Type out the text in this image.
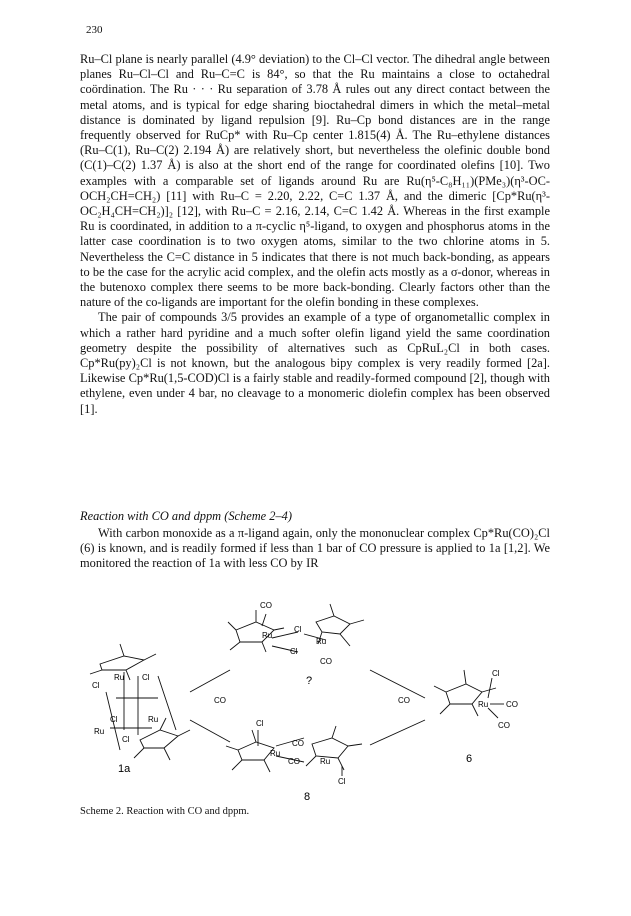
230

Ru–Cl plane is nearly parallel (4.9° deviation) to the Cl–Cl vector. The dihedral angle between planes Ru–Cl–Cl and Ru–C=C is 84°, so that the Ru maintains a close to octahedral coördination. The Ru · · · Ru separation of 3.78 Å rules out any direct contact between the metal atoms, and is typical for edge sharing bioctahedral dimers in which the metal–metal distance is dominated by ligand repulsion [9]. Ru–Cp bond distances are in the range frequently observed for RuCp* with Ru–Cp center 1.815(4) Å. The Ru–ethylene distances (Ru–C(1), Ru–C(2) 2.194 Å) are relatively short, but nevertheless the olefinic double bond (C(1)–C(2) 1.37 Å) is also at the short end of the range for coordinated olefins [10]. Two examples with a comparable set of ligands around Ru are Ru(η⁵-C₈H₁₁)(PMe₃)(η³-OC-OCH₂CH=CH₂) [11] with Ru–C = 2.20, 2.22, C=C 1.37 Å, and the dimeric [Cp*Ru(η³-OC₂H₄CH=CH₂)]₂ [12], with Ru–C = 2.16, 2.14, C=C 1.42 Å. Whereas in the first example Ru is coordinated, in addition to a π-cyclic η⁵-ligand, to oxygen and phosphorus atoms in the latter case coordination is to two oxygen atoms, similar to the two chlorine atoms in 5. Nevertheless the C=C distance in 5 indicates that there is not much back-bonding, as appears to be the case for the acrylic acid complex, and the olefin acts mostly as a σ-donor, whereas in the butenoxo complex there seems to be more back-bonding. Clearly factors other than the nature of the co-ligands are important for the olefin bonding in these complexes.

The pair of compounds 3/5 provides an example of a type of organometallic complex in which a rather hard pyridine and a much softer olefin ligand yield the same coordination geometry despite the possibility of alternatives such as CpRuL₂Cl in both cases. Cp*Ru(py)₂Cl is not known, but the analogous bipy complex is very readily formed [2a]. Likewise Cp*Ru(1,5-COD)Cl is a fairly stable and readily-formed compound [2], though with ethylene, even under 4 bar, no cleavage to a monomeric diolefin complex has been observed [1].

Reaction with CO and dppm (Scheme 2–4)
With carbon monoxide as a π-ligand again, only the mononuclear complex Cp*Ru(CO)₂Cl (6) is known, and is readily formed if less than 1 bar of CO pressure is applied to 1a [1,2]. We monitored the reaction of 1a with less CO by IR
Ru Cl
Cl
Cl	Ru
Ru
Cl
1a
CO	CO
CO
Ru
Cl
Cl
Ru
CO
?
Cl
Ru
CO
CO	Ru
Cl
8
Cl
Ru CO
CO
6
Scheme 2. Reaction with CO and dppm.
